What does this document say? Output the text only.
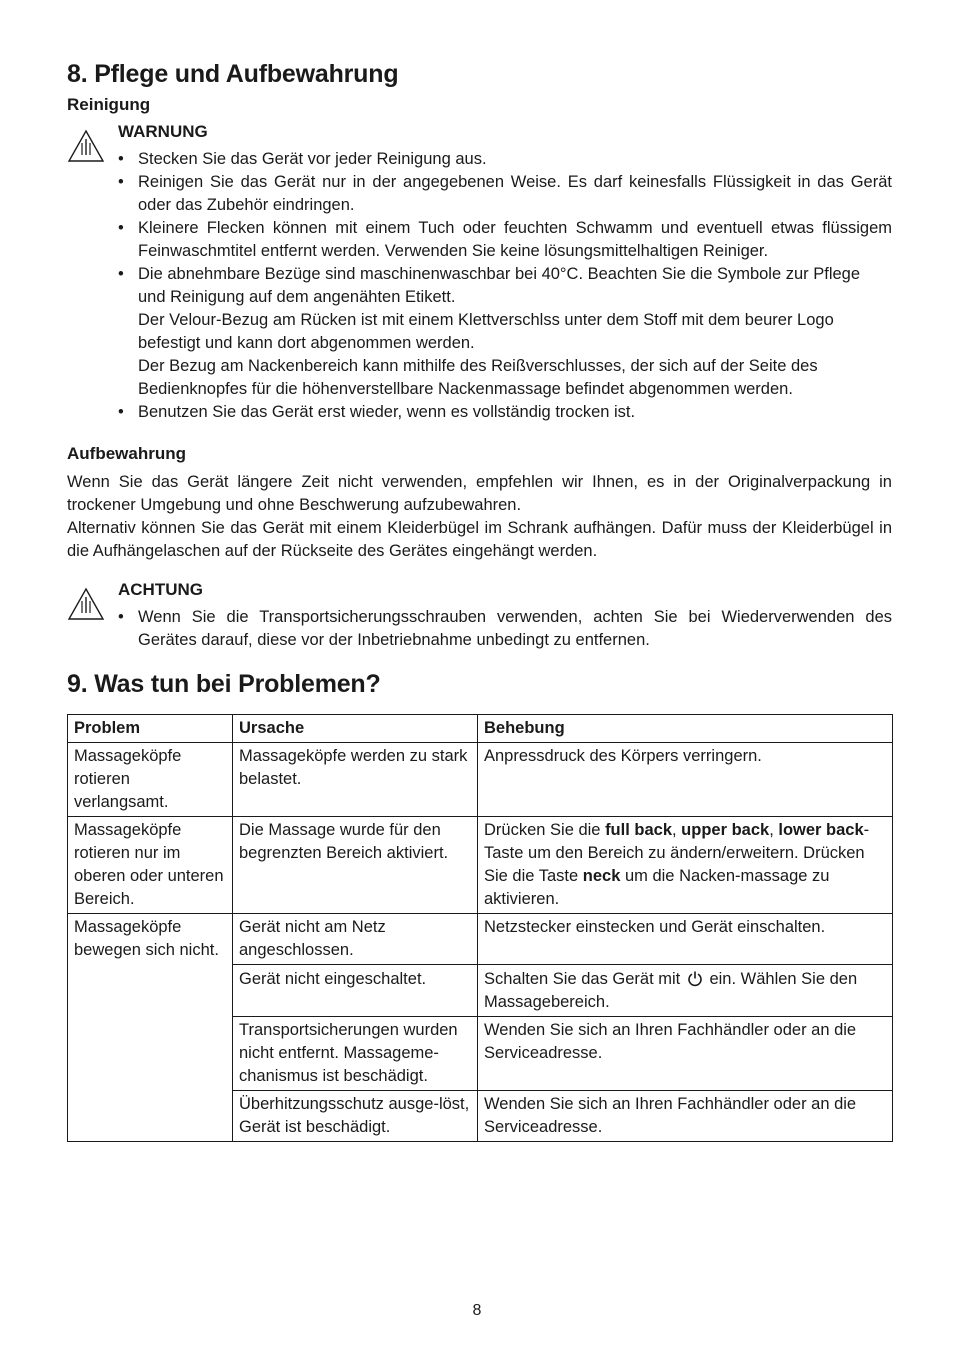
8. Pflege und Aufbewahrung
Reinigung

WARNUNG

• Stecken Sie das Gerät vor jeder Reinigung aus.
• Reinigen Sie das Gerät nur in der angegebenen Weise. Es darf keinesfalls Flüssigkeit in das Gerät oder das Zubehör eindringen.
• Kleinere Flecken können mit einem Tuch oder feuchten Schwamm und eventuell etwas flüssigem Feinwaschmtitel entfernt werden. Verwenden Sie keine lösungsmittelhaltigen Reiniger.
• Die abnehmbare Bezüge sind maschinenwaschbar bei 40°C. Beachten Sie die Symbole zur Pflege und Reinigung auf dem angenähten Etikett.
Der Velour-Bezug am Rücken ist mit einem Klettverschlss unter dem Stoff mit dem beurer Logo befestigt und kann dort abgenommen werden.
Der Bezug am Nackenbereich kann mithilfe des Reißverschlusses, der sich auf der Seite des Bedienknopfes für die höhenverstellbare Nackenmassage befindet abgenommen werden.
• Benutzen Sie das Gerät erst wieder, wenn es vollständig trocken ist.
Aufbewahrung

Wenn Sie das Gerät längere Zeit nicht verwenden, empfehlen wir Ihnen, es in der Originalverpackung in trockener Umgebung und ohne Beschwerung aufzubewahren.

Alternativ können Sie das Gerät mit einem Kleiderbügel im Schrank aufhängen. Dafür muss der Kleiderbügel in die Aufhängelaschen auf der Rückseite des Gerätes eingehängt werden.

ACHTUNG

• Wenn Sie die Transportsicherungsschrauben verwenden, achten Sie bei Wiederverwenden des Gerätes darauf, diese vor der Inbetriebnahme unbedingt zu entfernen.
9. Was tun bei Problemen?
Problem	Ursache	Behebung
Massageköpfe rotieren verlangsamt.	Massageköpfe werden zu stark belastet.	Anpressdruck des Körpers verringern.
Massageköpfe rotieren nur im oberen oder unteren Bereich.	Die Massage wurde für den begrenzten Bereich aktiviert.	Drücken Sie die full back, upper back, lower back-Taste um den Bereich zu ändern/erweitern. Drücken Sie die Taste neck um die Nacken-massage zu aktivieren.
Massageköpfe bewegen sich nicht.	Gerät nicht am Netz angeschlossen.	Netzstecker einstecken und Gerät einschalten.
	Gerät nicht eingeschaltet.	Schalten Sie das Gerät mit ein. Wählen Sie den Massagebereich.
	Transportsicherungen wurden nicht entfernt. Massageme-chanismus ist beschädigt.	Wenden Sie sich an Ihren Fachhändler oder an die Serviceadresse.
	Überhitzungsschutz ausge-löst, Gerät ist beschädigt.	Wenden Sie sich an Ihren Fachhändler oder an die Serviceadresse.
8
